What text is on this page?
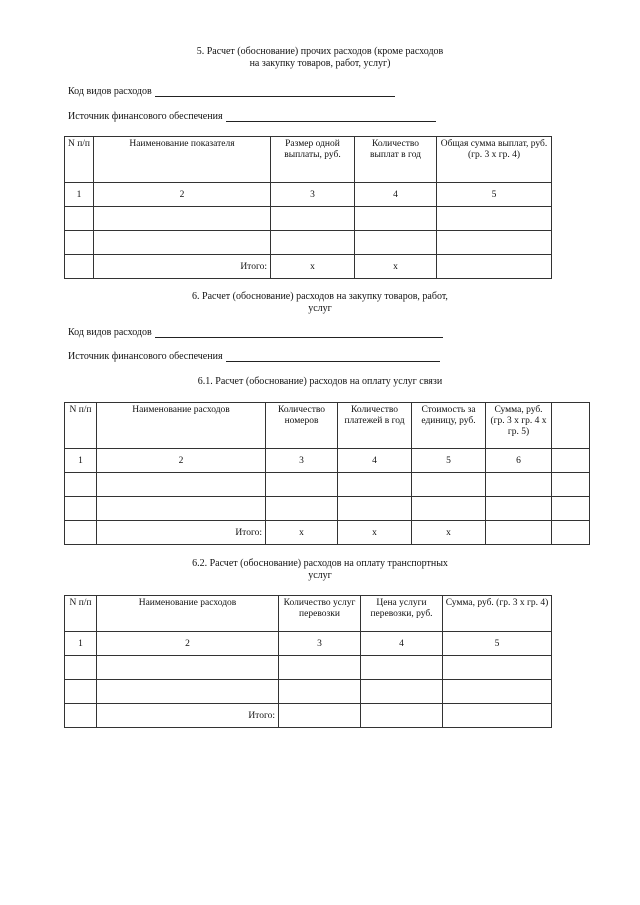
5. Расчет (обоснование) прочих расходов (кроме расходов
на закупку товаров, работ, услуг)
Код видов расходов
Источник финансового обеспечения
N п/п	Наименование показателя	Размер одной выплаты, руб.	Количество выплат в год	Общая сумма выплат, руб. (гр. 3 x гр. 4)
1	2	3	4	5

	Итого:	x	x	
6. Расчет (обоснование) расходов на закупку товаров, работ,
услуг
Код видов расходов
Источник финансового обеспечения
6.1. Расчет (обоснование) расходов на оплату услуг связи
N п/п	Наименование расходов	Количество номеров	Количество платежей в год	Стоимость за единицу, руб.	Сумма, руб. (гр. 3 x гр. 4 x гр. 5)	
1	2	3	4	5	6	

	Итого:	x	x	x		
6.2. Расчет (обоснование) расходов на оплату транспортных
услуг
N п/п	Наименование расходов	Количество услуг перевозки	Цена услуги перевозки, руб.	Сумма, руб. (гр. 3 x гр. 4)
1	2	3	4	5

	Итого:			
